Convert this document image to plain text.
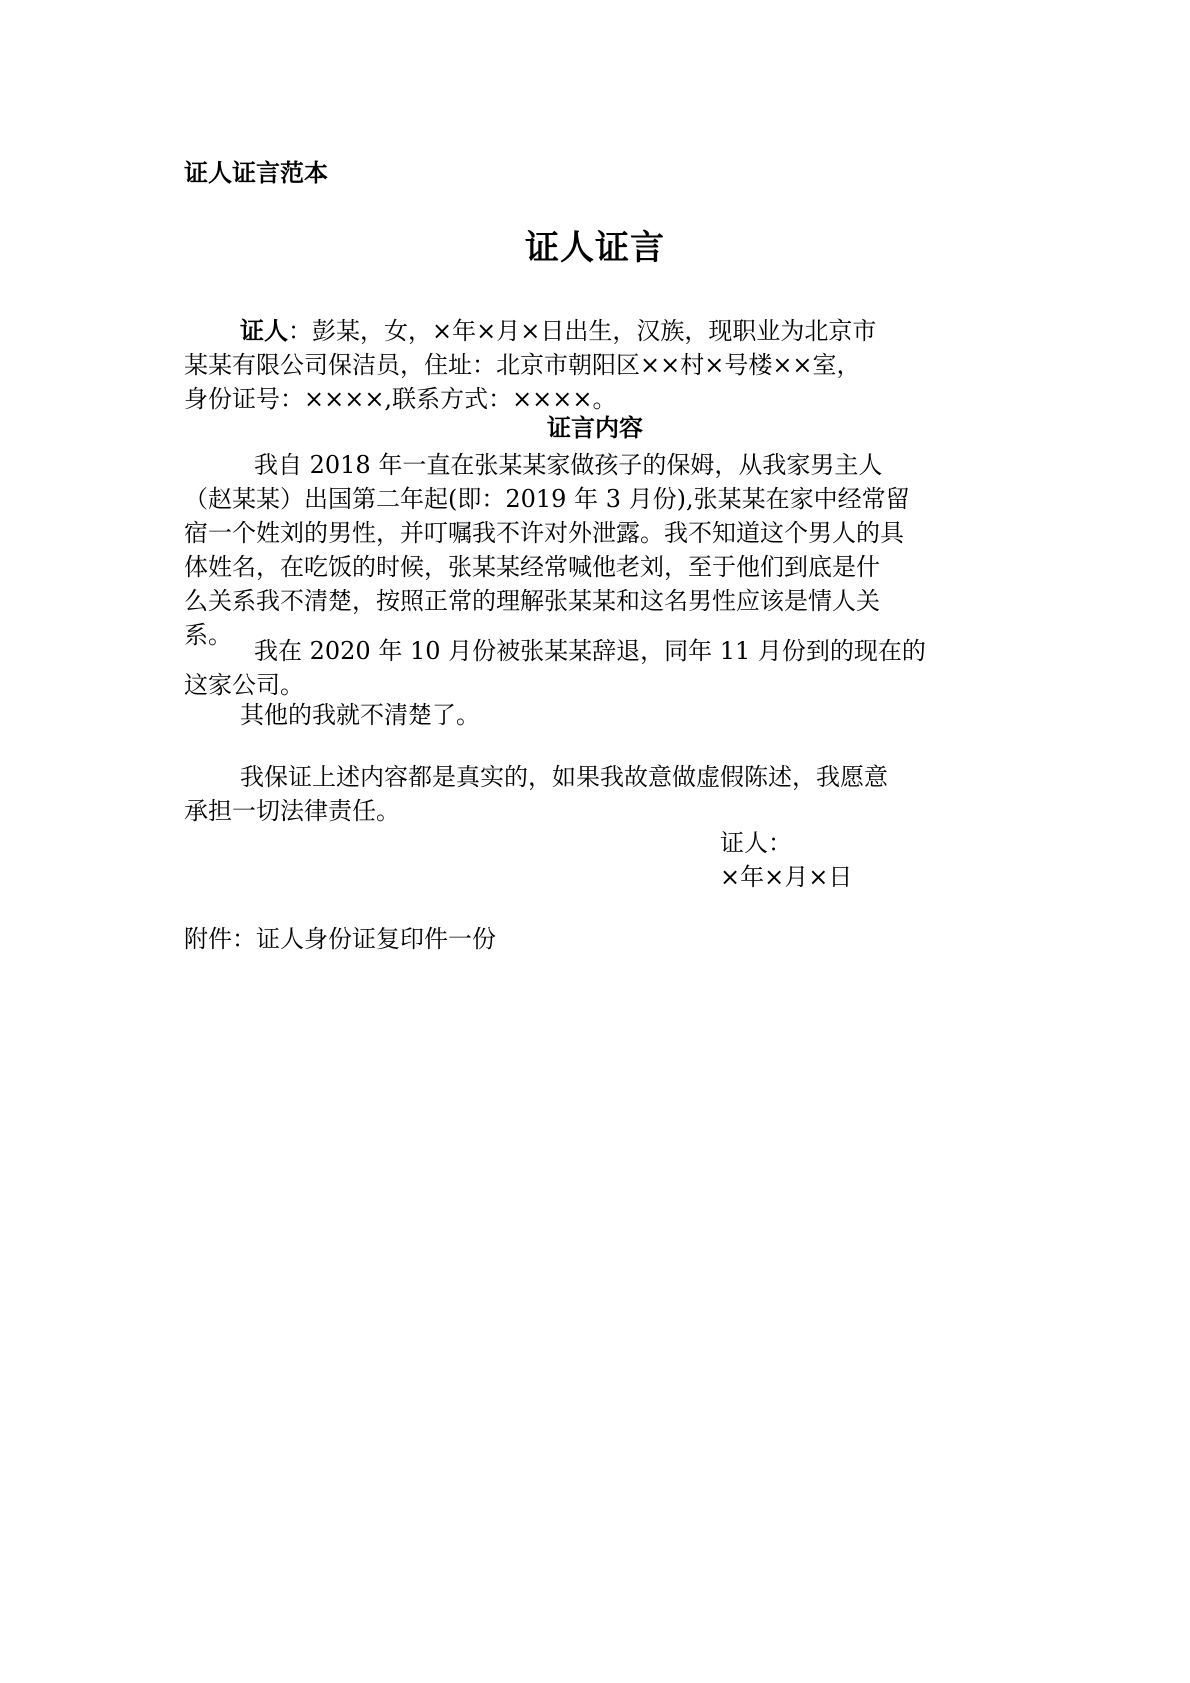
证人证言范本
证人证言
证人：彭某，女，×年×月×日出生，汉族，现职业为北京市
某某有限公司保洁员，住址：北京市朝阳区××村×号楼××室，
身份证号：××××,联系方式：××××。
证言内容
我自 2018 年一直在张某某家做孩子的保姆，从我家男主人
（赵某某）出国第二年起(即：2019 年 3 月份),张某某在家中经常留
宿一个姓刘的男性，并叮嘱我不许对外泄露。我不知道这个男人的具
体姓名，在吃饭的时候，张某某经常喊他老刘，至于他们到底是什
么关系我不清楚，按照正常的理解张某某和这名男性应该是情人关
系。
我在 2020 年 10 月份被张某某辞退，同年 11 月份到的现在的
这家公司。
其他的我就不清楚了。
我保证上述内容都是真实的，如果我故意做虚假陈述，我愿意
承担一切法律责任。
证人：
×年×月×日
附件：证人身份证复印件一份
